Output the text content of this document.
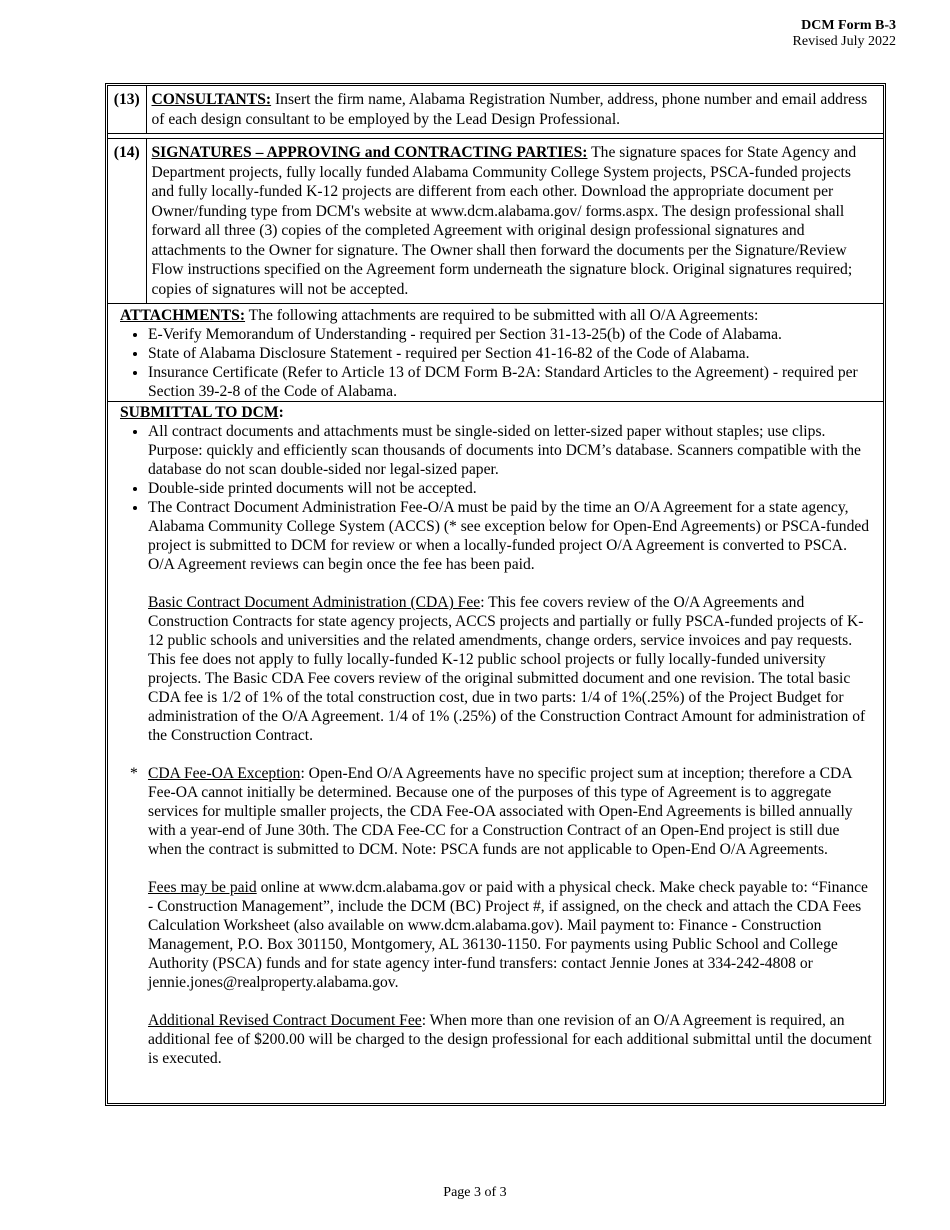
DCM Form B-3
Revised July 2022
(13)	CONSULTANTS: Insert the firm name, Alabama Registration Number, address, phone number and email address of each design consultant to be employed by the Lead Design Professional.

(14)	SIGNATURES – APPROVING and CONTRACTING PARTIES: The signature spaces for State Agency and Department projects, fully locally funded Alabama Community College System projects, PSCA-funded projects and fully locally-funded K-12 projects are different from each other. Download the appropriate document per Owner/funding type from DCM's website at www.dcm.alabama.gov/ forms.aspx. The design professional shall forward all three (3) copies of the completed Agreement with original design professional signatures and attachments to the Owner for signature. The Owner shall then forward the documents per the Signature/Review Flow instructions specified on the Agreement form underneath the signature block. Original signatures required; copies of signatures will not be accepted.
ATTACHMENTS: The following attachments are required to be submitted with all O/A Agreements:
• E-Verify Memorandum of Understanding - required per Section 31-13-25(b) of the Code of Alabama.
• State of Alabama Disclosure Statement - required per Section 41-16-82 of the Code of Alabama.
• Insurance Certificate (Refer to Article 13 of DCM Form B-2A: Standard Articles to the Agreement) - required per Section 39-2-8 of the Code of Alabama.
SUBMITTAL TO DCM:
• All contract documents and attachments must be single-sided on letter-sized paper without staples; use clips. Purpose: quickly and efficiently scan thousands of documents into DCM’s database. Scanners compatible with the database do not scan double-sided nor legal-sized paper.
• Double-side printed documents will not be accepted.
• The Contract Document Administration Fee-O/A must be paid by the time an O/A Agreement for a state agency, Alabama Community College System (ACCS) (* see exception below for Open-End Agreements) or PSCA-funded project is submitted to DCM for review or when a locally-funded project O/A Agreement is converted to PSCA. O/A Agreement reviews can begin once the fee has been paid.

Basic Contract Document Administration (CDA) Fee: This fee covers review of the O/A Agreements and Construction Contracts for state agency projects, ACCS projects and partially or fully PSCA-funded projects of K-12 public schools and universities and the related amendments, change orders, service invoices and pay requests. This fee does not apply to fully locally-funded K-12 public school projects or fully locally-funded university projects. The Basic CDA Fee covers review of the original submitted document and one revision. The total basic CDA fee is 1/2 of 1% of the total construction cost, due in two parts: 1/4 of 1%(.25%) of the Project Budget for administration of the O/A Agreement. 1/4 of 1% (.25%) of the Construction Contract Amount for administration of the Construction Contract.

* CDA Fee-OA Exception: Open-End O/A Agreements have no specific project sum at inception; therefore a CDA Fee-OA cannot initially be determined. Because one of the purposes of this type of Agreement is to aggregate services for multiple smaller projects, the CDA Fee-OA associated with Open-End Agreements is billed annually with a year-end of June 30th. The CDA Fee-CC for a Construction Contract of an Open-End project is still due when the contract is submitted to DCM. Note: PSCA funds are not applicable to Open-End O/A Agreements.

Fees may be paid online at www.dcm.alabama.gov or paid with a physical check. Make check payable to: “Finance - Construction Management”, include the DCM (BC) Project #, if assigned, on the check and attach the CDA Fees Calculation Worksheet (also available on www.dcm.alabama.gov). Mail payment to: Finance - Construction Management, P.O. Box 301150, Montgomery, AL 36130-1150. For payments using Public School and College Authority (PSCA) funds and for state agency inter-fund transfers: contact Jennie Jones at 334-242-4808 or jennie.jones@realproperty.alabama.gov.

Additional Revised Contract Document Fee: When more than one revision of an O/A Agreement is required, an additional fee of $200.00 will be charged to the design professional for each additional submittal until the document is executed.

Page 3 of 3
